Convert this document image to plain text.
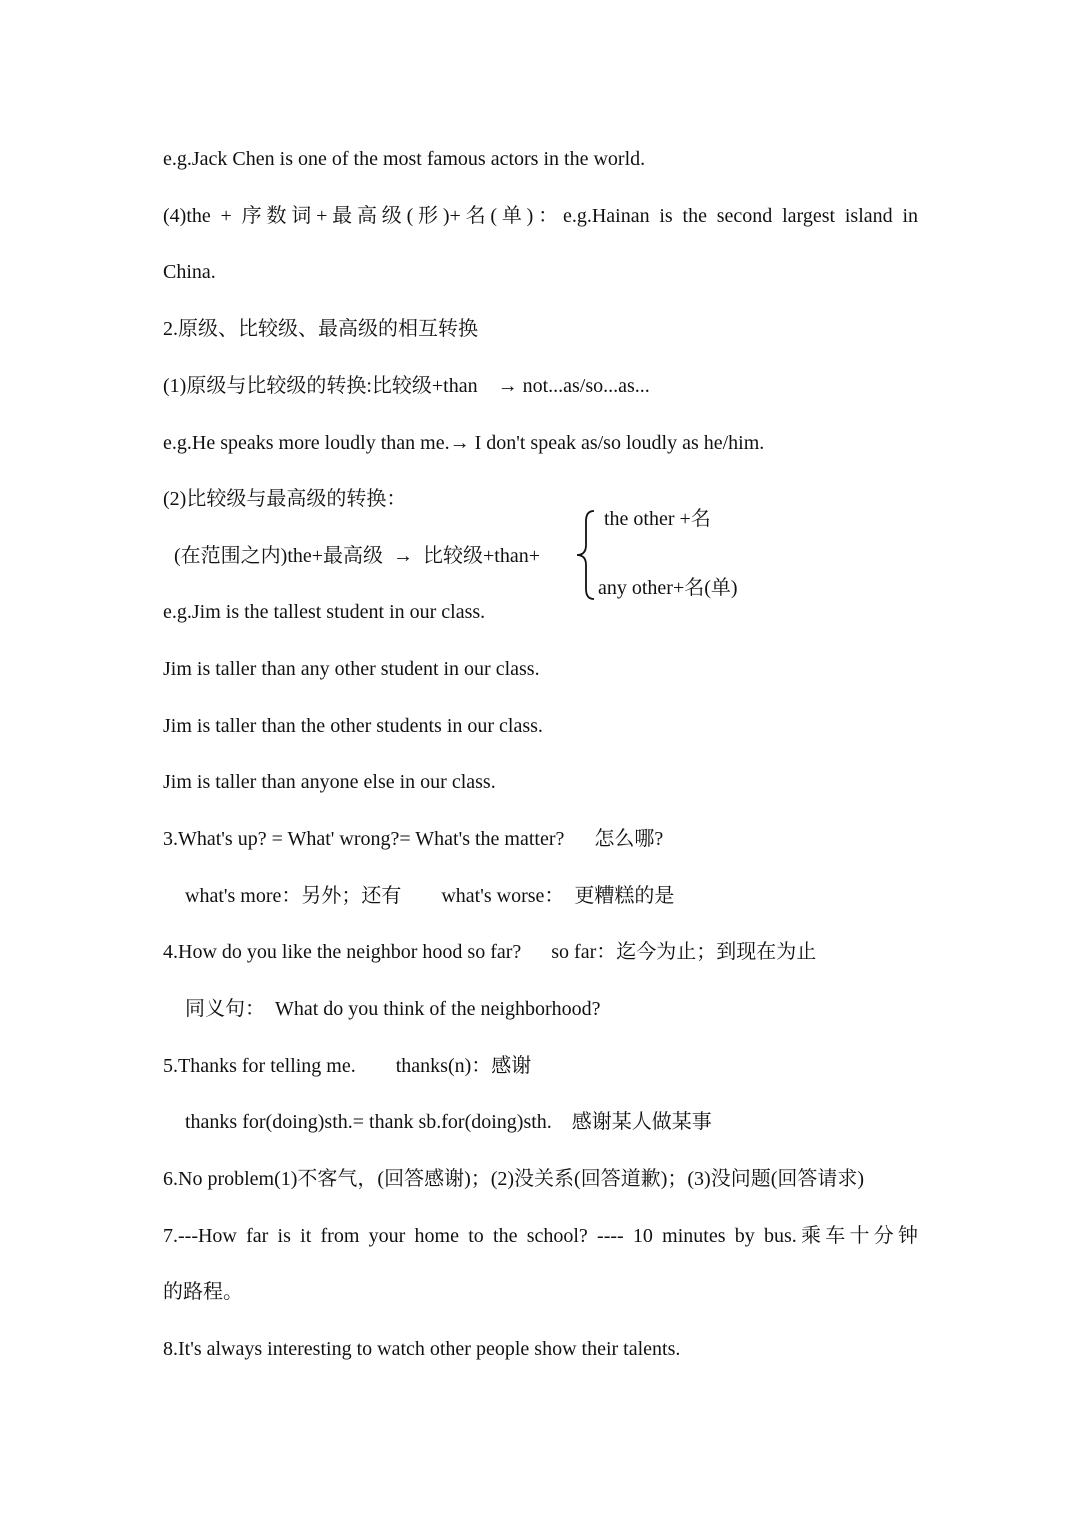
e.g.Jack Chen is one of the most famous actors in the world.
(4)the + 序数词+最高级(形)+名(单)：e.g.Hainan is the second largest island in
China.
2.原级、比较级、最高级的相互转换
(1)原级与比较级的转换:比较级+than    → not...as/so...as...
e.g.He speaks more loudly than me.→ I don't speak as/so loudly as he/him.
(2)比较级与最高级的转换：
(在范围之内)the+最高级  →  比较级+than+
the other +名
any other+名(单)
e.g.Jim is the tallest student in our class.
Jim is taller than any other student in our class.
Jim is taller than the other students in our class.
Jim is taller than anyone else in our class.
3.What's up? = What' wrong?= What's the matter?      怎么哪?
what's more：另外；还有        what's worse：  更糟糕的是
4.How do you like the neighbor hood so far?      so far：迄今为止；到现在为止
同义句：  What do you think of the neighborhood?
5.Thanks for telling me.        thanks(n)：感谢
thanks for(doing)sth.= thank sb.for(doing)sth.    感谢某人做某事
6.No problem(1)不客气，(回答感谢)；(2)没关系(回答道歉)；(3)没问题(回答请求)
7.---How far is it from your home to the school? ---- 10 minutes by bus.乘车十分钟
的路程。
8.It's always interesting to watch other people show their talents.
